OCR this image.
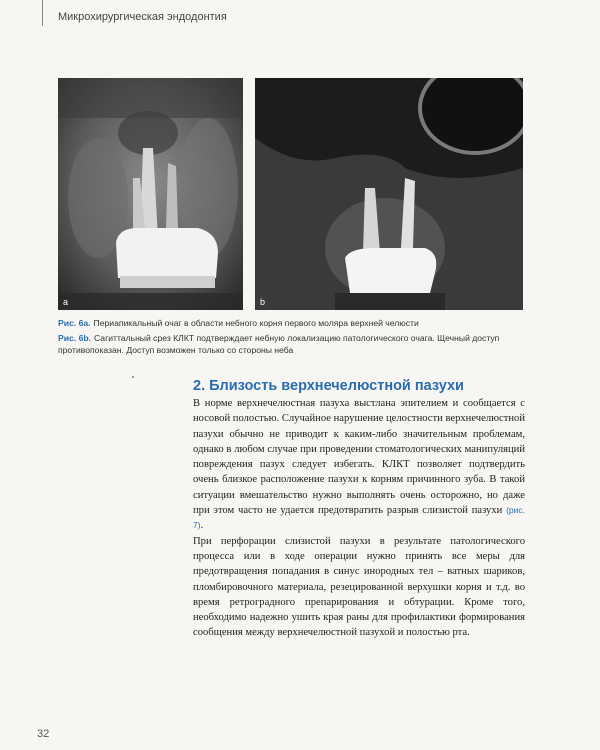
Микрохирургическая эндодонтия
a	b

Рис. 6a. Периапикальный очаг в области небного корня первого моляра верхней челюсти

Рис. 6b. Сагиттальный срез КЛКТ подтверждает небную локализацию патологического очага. Щечный доступ противопоказан. Доступ возможен только со стороны неба

2. Близость верхнечелюстной пазухи

В норме верхнечелюстная пазуха выстлана эпителием и сообщается с носовой полостью. Случайное нарушение целостности верхнечелюстной пазухи обычно не приводит к каким-либо значительным проблемам, однако в любом случае при проведении стоматологических манипуляций повреждения пазух следует избегать. КЛКТ позволяет подтвердить очень близкое расположение пазухи к корням причинного зуба. В такой ситуации вмешательство нужно выполнять очень осторожно, но даже при этом часто не удается предотвратить разрыв слизистой пазухи (рис. 7).

При перфорации слизистой пазухи в результате патологического процесса или в ходе операции нужно принять все меры для предотвращения попадания в синус инородных тел – ватных шариков, пломбировочного материала, резецированной верхушки корня и т.д. во время ретроградного препарирования и обтурации. Кроме того, необходимо надежно ушить края раны для профилактики формирования сообщения между верхнечелюстной пазухой и полостью рта.

32
